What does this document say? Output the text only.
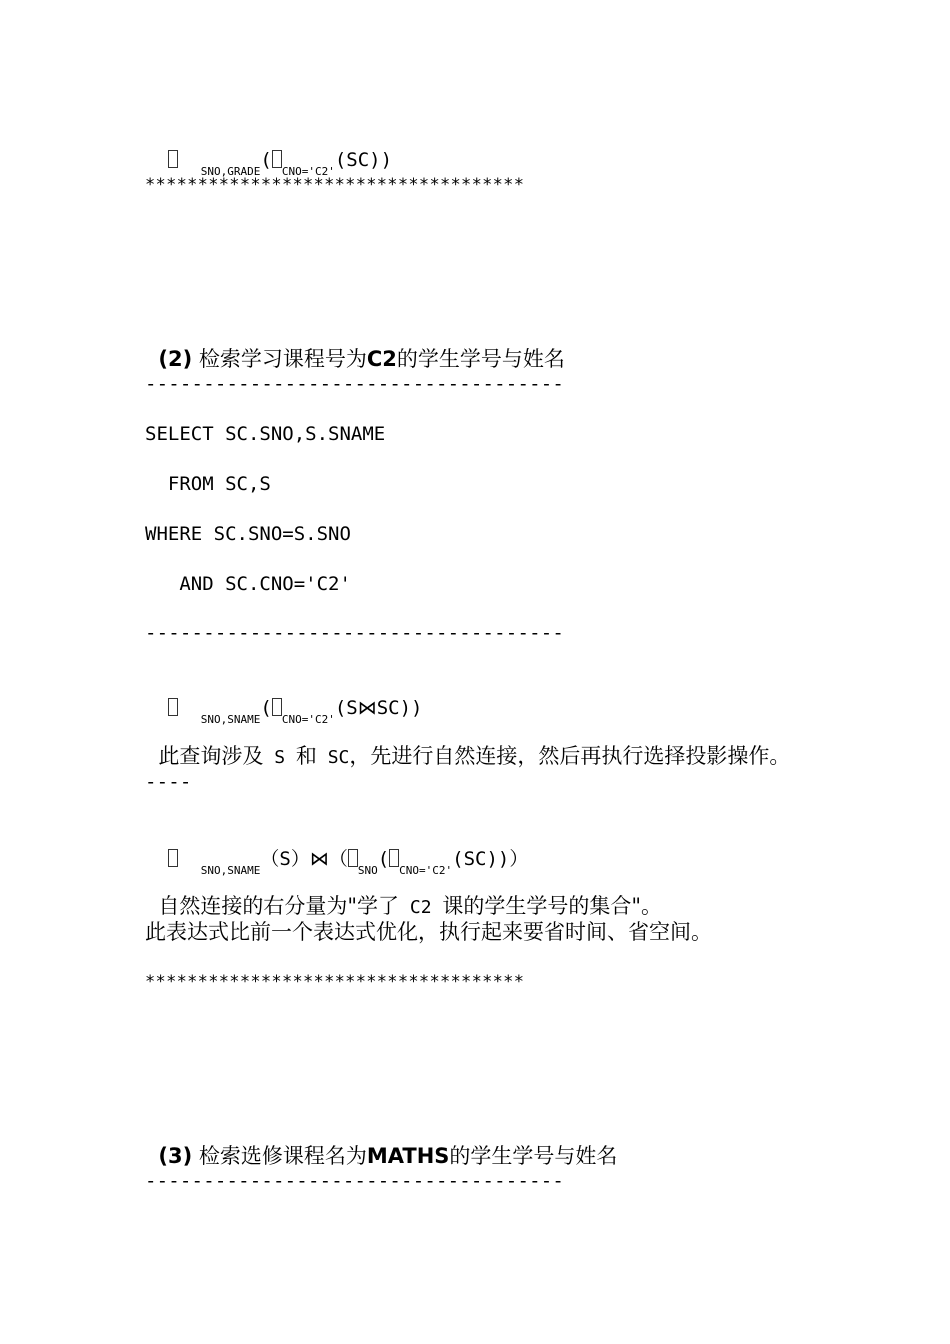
$_{SNO,GRADE}(_{CNO='C2'}(SC))$

************************************

(2) 检索学习课程号为C2的学生学号与姓名

------------------------------------
SELECT SC.SNO,S.SNAME
FROM SC,S
WHERE SC.SNO=S.SNO
AND SC.CNO='C2'
------------------------------------

$_{SNO,SNAME}(_{CNO='C2'}(S⋈SC))$

此查询涉及 S 和 SC，先进行自然连接，然后再执行选择投影操作。

----

$_{SNO,SNAME}(S)⋈(_{SNO}(_{CNO='C2'}(SC)))$

自然连接的右分量为"学了 C2 课的学生学号的集合"。

此表达式比前一个表达式优化，执行起来要省时间、省空间。
************************************

(3) 检索选修课程名为MATHS的学生学号与姓名

------------------------------------
